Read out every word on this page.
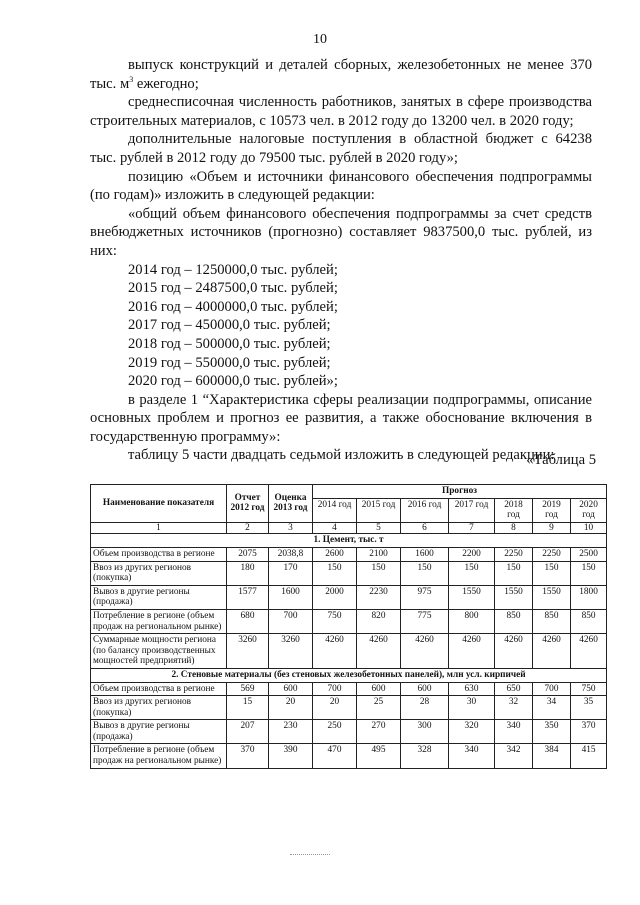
10

выпуск конструкций и деталей сборных, железобетонных не менее 370 тыс. $м^3$ ежегодно;

среднесписочная численность работников, занятых в сфере производства строительных материалов, с 10573 чел. в 2012 году до 13200 чел. в 2020 году;

дополнительные налоговые поступления в областной бюджет с 64238 тыс. рублей в 2012 году до 79500 тыс. рублей в 2020 году»;

позицию «Объем и источники финансового обеспечения подпрограммы (по годам)» изложить в следующей редакции:

«общий объем финансового обеспечения подпрограммы за счет средств внебюджетных источников (прогнозно) составляет 9837500,0 тыс. рублей, из них:

2014 год – 1250000,0 тыс. рублей;

2015 год – 2487500,0 тыс. рублей;

2016 год – 4000000,0 тыс. рублей;

2017 год – 450000,0 тыс. рублей;

2018 год – 500000,0 тыс. рублей;

2019 год – 550000,0 тыс. рублей;

2020 год – 600000,0 тыс. рублей»;

в разделе 1 “Характеристика сферы реализации подпрограммы, описание основных проблем и прогноз ее развития, а также обоснование включения в государственную программу»:

таблицу 5 части двадцать седьмой изложить в следующей редакции:

«Таблица 5
Наименование показателя	Отчет 2012 год	Оценка 2013 год	Прогноз						
			2014 год	2015 год	2016 год	2017 год	2018 год	2019 год	2020 год
1	2	3	4	5	6	7	8	9	10
1. Цемент, тыс. т									
Объем производства в регионе	2075	2038,8	2600	2100	1600	2200	2250	2250	2500
Ввоз из других регионов (покупка)	180	170	150	150	150	150	150	150	150
Вывоз в другие регионы (продажа)	1577	1600	2000	2230	975	1550	1550	1550	1800
Потребление в регионе (объем продаж на региональном рынке)	680	700	750	820	775	800	850	850	850
Суммарные мощности региона (по балансу производственных мощностей предприятий)	3260	3260	4260	4260	4260	4260	4260	4260	4260
2. Стеновые материалы (без стеновых железобетонных панелей), млн усл. кирпичей									
Объем производства в регионе	569	600	700	600	600	630	650	700	750
Ввоз из других регионов (покупка)	15	20	20	25	28	30	32	34	35
Вывоз в другие регионы (продажа)	207	230	250	270	300	320	340	350	370
Потребление в регионе (объем продаж на региональном рынке)	370	390	470	495	328	340	342	384	415
